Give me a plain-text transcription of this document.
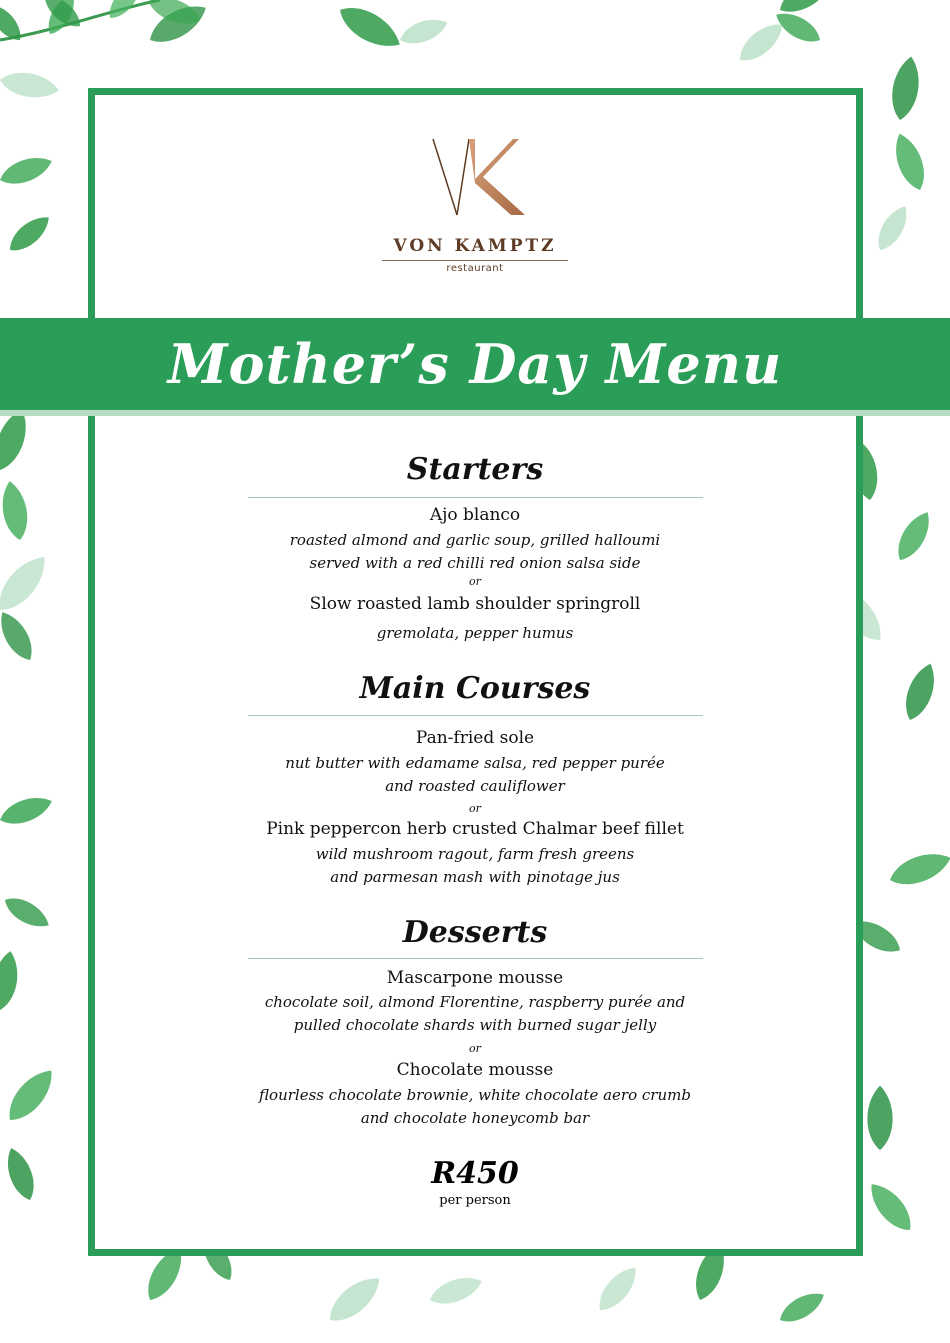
VON KAMPTZ
restaurant
Mother’s Day Menu
Starters
Ajo blanco
roasted almond and garlic soup, grilled halloumi
served with a red chilli red onion salsa side
or
Slow roasted lamb shoulder springroll
gremolata, pepper humus
Main Courses
Pan-fried sole
nut butter with edamame salsa, red pepper purée
and roasted cauliflower
or
Pink peppercon herb crusted Chalmar beef fillet
wild mushroom ragout, farm fresh greens
and parmesan mash with pinotage jus
Desserts
Mascarpone mousse
chocolate soil, almond Florentine, raspberry purée and
pulled chocolate shards with burned sugar jelly
or
Chocolate mousse
flourless chocolate brownie, white chocolate aero crumb
and chocolate honeycomb bar
R450
per person
